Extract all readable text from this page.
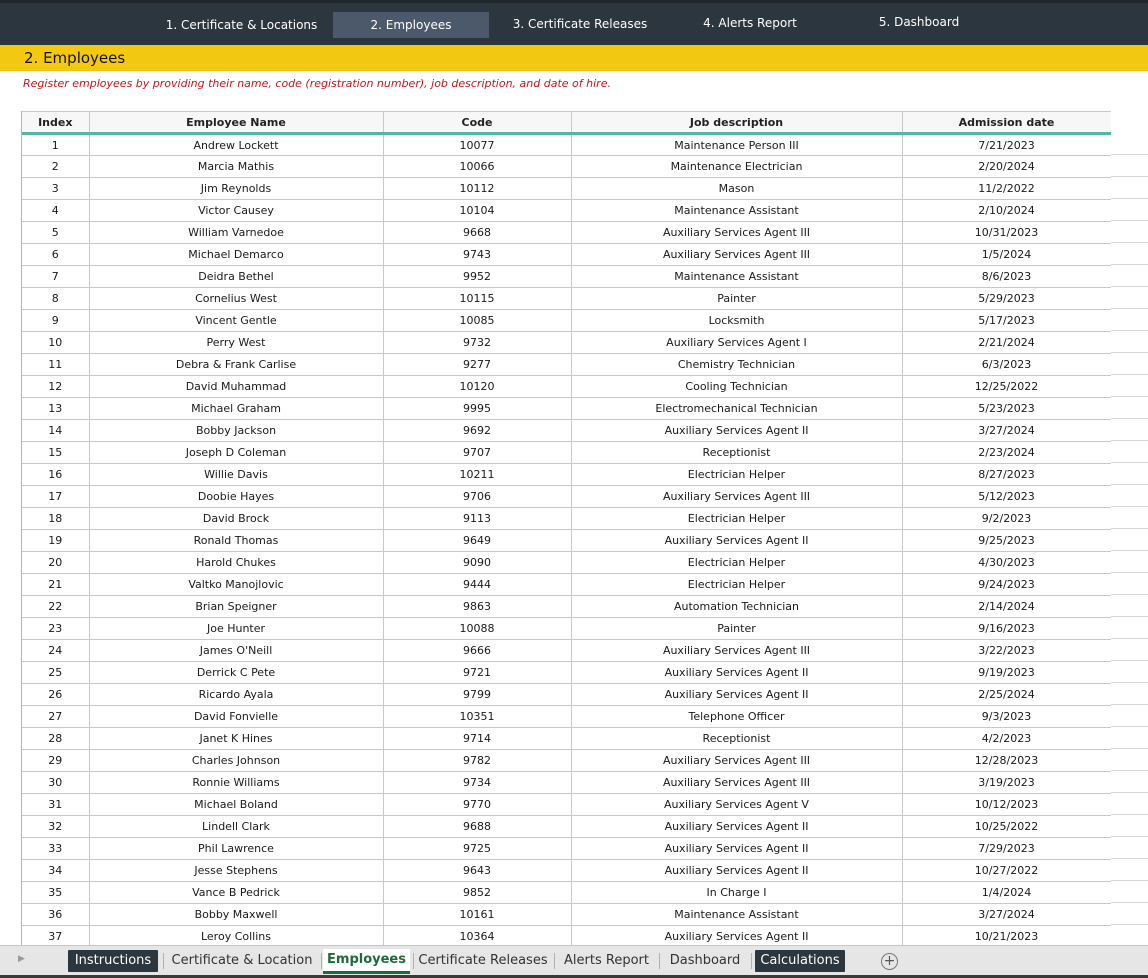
1. Certificate & Locations	2. Employees	3. Certificate Releases	4. Alerts Report	5. Dashboard
2. Employees
Register employees by providing their name, code (registration number), job description, and date of hire.
Index	Employee Name	Code	Job description	Admission date
1	Andrew Lockett	10077	Maintenance Person III	7/21/2023
2	Marcia Mathis	10066	Maintenance Electrician	2/20/2024
3	Jim Reynolds	10112	Mason	11/2/2022
4	Victor Causey	10104	Maintenance Assistant	2/10/2024
5	William Varnedoe	9668	Auxiliary Services Agent III	10/31/2023
6	Michael Demarco	9743	Auxiliary Services Agent III	1/5/2024
7	Deidra Bethel	9952	Maintenance Assistant	8/6/2023
8	Cornelius West	10115	Painter	5/29/2023
9	Vincent Gentle	10085	Locksmith	5/17/2023
10	Perry West	9732	Auxiliary Services Agent I	2/21/2024
11	Debra & Frank Carlise	9277	Chemistry Technician	6/3/2023
12	David Muhammad	10120	Cooling Technician	12/25/2022
13	Michael Graham	9995	Electromechanical Technician	5/23/2023
14	Bobby Jackson	9692	Auxiliary Services Agent II	3/27/2024
15	Joseph D Coleman	9707	Receptionist	2/23/2024
16	Willie Davis	10211	Electrician Helper	8/27/2023
17	Doobie Hayes	9706	Auxiliary Services Agent III	5/12/2023
18	David Brock	9113	Electrician Helper	9/2/2023
19	Ronald Thomas	9649	Auxiliary Services Agent II	9/25/2023
20	Harold Chukes	9090	Electrician Helper	4/30/2023
21	Valtko Manojlovic	9444	Electrician Helper	9/24/2023
22	Brian Speigner	9863	Automation Technician	2/14/2024
23	Joe Hunter	10088	Painter	9/16/2023
24	James O'Neill	9666	Auxiliary Services Agent III	3/22/2023
25	Derrick C Pete	9721	Auxiliary Services Agent II	9/19/2023
26	Ricardo Ayala	9799	Auxiliary Services Agent II	2/25/2024
27	David Fonvielle	10351	Telephone Officer	9/3/2023
28	Janet K Hines	9714	Receptionist	4/2/2023
29	Charles Johnson	9782	Auxiliary Services Agent III	12/28/2023
30	Ronnie Williams	9734	Auxiliary Services Agent III	3/19/2023
31	Michael Boland	9770	Auxiliary Services Agent V	10/12/2023
32	Lindell Clark	9688	Auxiliary Services Agent II	10/25/2022
33	Phil Lawrence	9725	Auxiliary Services Agent II	7/29/2023
34	Jesse Stephens	9643	Auxiliary Services Agent II	10/27/2022
35	Vance B Pedrick	9852	In Charge I	1/4/2024
36	Bobby Maxwell	10161	Maintenance Assistant	3/27/2024
37	Leroy Collins	10364	Auxiliary Services Agent II	10/21/2023
▶	Instructions	Certificate & Location	Employees Certificate Releases	Alerts Report	Dashboard	Calculations	+
